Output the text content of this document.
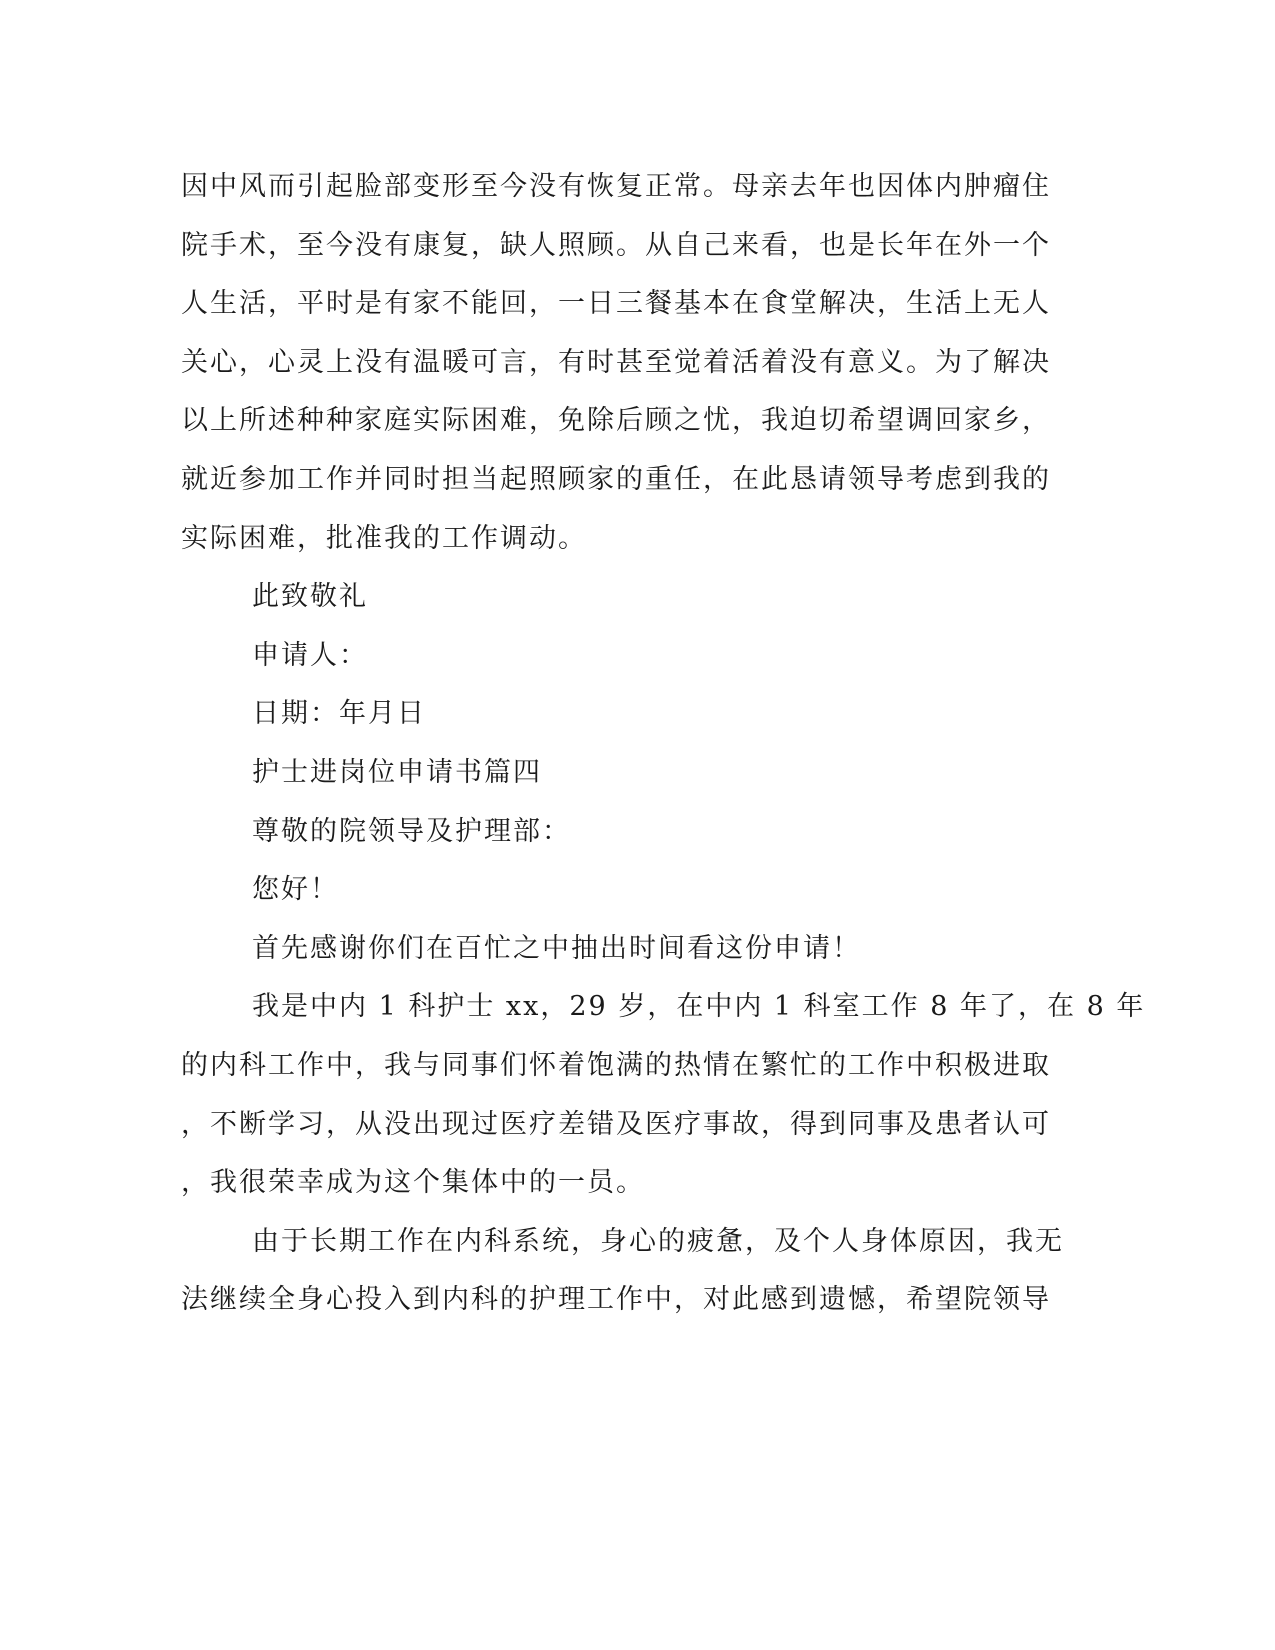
因中风而引起脸部变形至今没有恢复正常。母亲去年也因体内肿瘤住
院手术，至今没有康复，缺人照顾。从自己来看，也是长年在外一个
人生活，平时是有家不能回，一日三餐基本在食堂解决，生活上无人
关心，心灵上没有温暖可言，有时甚至觉着活着没有意义。为了解决
以上所述种种家庭实际困难，免除后顾之忧，我迫切希望调回家乡，
就近参加工作并同时担当起照顾家的重任，在此恳请领导考虑到我的
实际困难，批准我的工作调动。
此致敬礼
申请人：
日期：年月日
护士进岗位申请书篇四
尊敬的院领导及护理部：
您好！
首先感谢你们在百忙之中抽出时间看这份申请！
我是中内 1 科护士 xx，29 岁，在中内 1 科室工作 8 年了，在 8 年
的内科工作中，我与同事们怀着饱满的热情在繁忙的工作中积极进取
，不断学习，从没出现过医疗差错及医疗事故，得到同事及患者认可
，我很荣幸成为这个集体中的一员。
由于长期工作在内科系统，身心的疲惫，及个人身体原因，我无
法继续全身心投入到内科的护理工作中，对此感到遗憾，希望院领导
